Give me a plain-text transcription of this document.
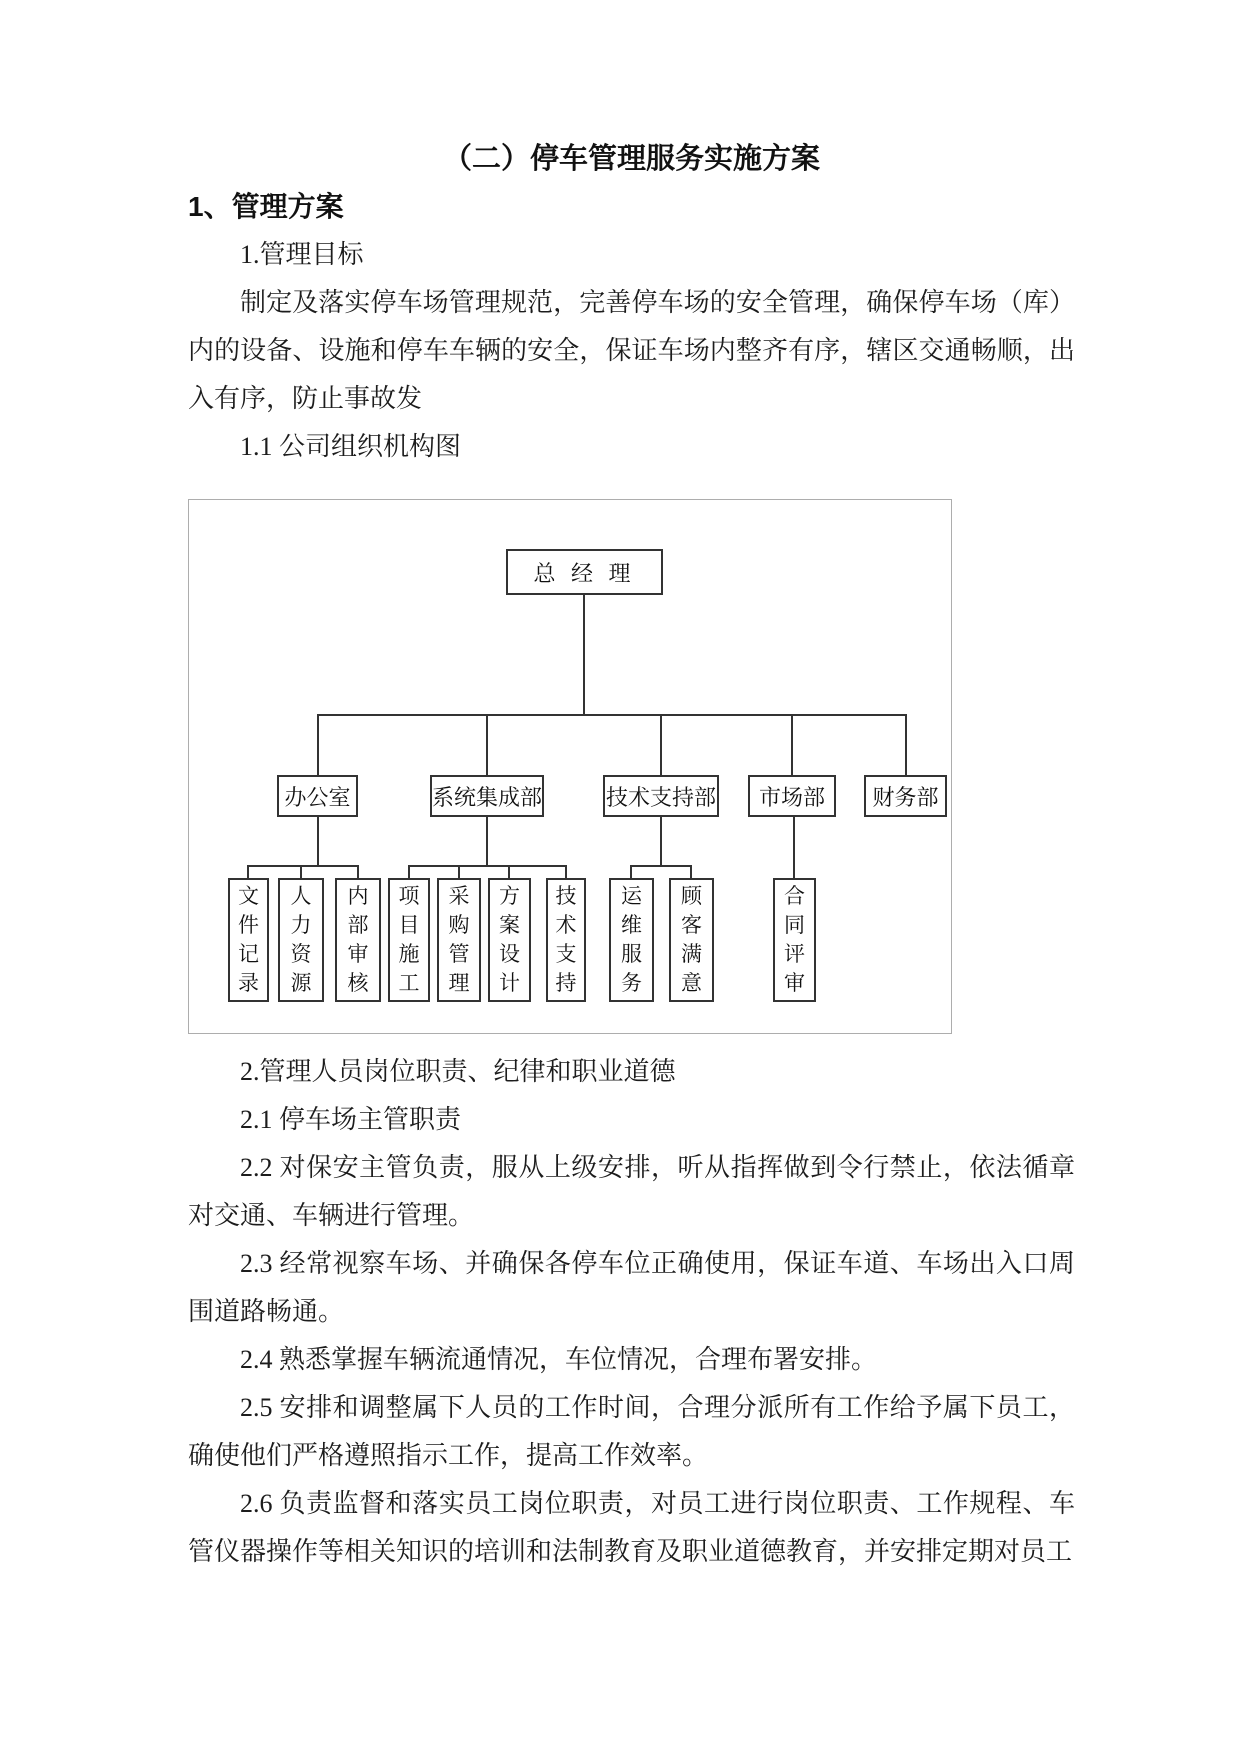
（二）停车管理服务实施方案
1、管理方案

1.管理目标

制定及落实停车场管理规范，完善停车场的安全管理，确保停车场（库）内的设备、设施和停车车辆的安全，保证车场内整齐有序，辖区交通畅顺，出入有序，防止事故发

1.1 公司组织机构图

总 经 理
办公室	系统集成部	技术支持部	市场部	财务部
文件记录
人力资源
内部审核
项目施工
采购管理
方案设计
技术支持
运维服务
顾客满意
合同评审

2.管理人员岗位职责、纪律和职业道德

2.1 停车场主管职责

2.2 对保安主管负责，服从上级安排，听从指挥做到令行禁止，依法循章对交通、车辆进行管理。

2.3 经常视察车场、并确保各停车位正确使用，保证车道、车场出入口周围道路畅通。

2.4 熟悉掌握车辆流通情况，车位情况，合理布署安排。

2.5 安排和调整属下人员的工作时间，合理分派所有工作给予属下员工，确使他们严格遵照指示工作，提高工作效率。

2.6 负责监督和落实员工岗位职责，对员工进行岗位职责、工作规程、车管仪器操作等相关知识的培训和法制教育及职业道德教育，并安排定期对员工
